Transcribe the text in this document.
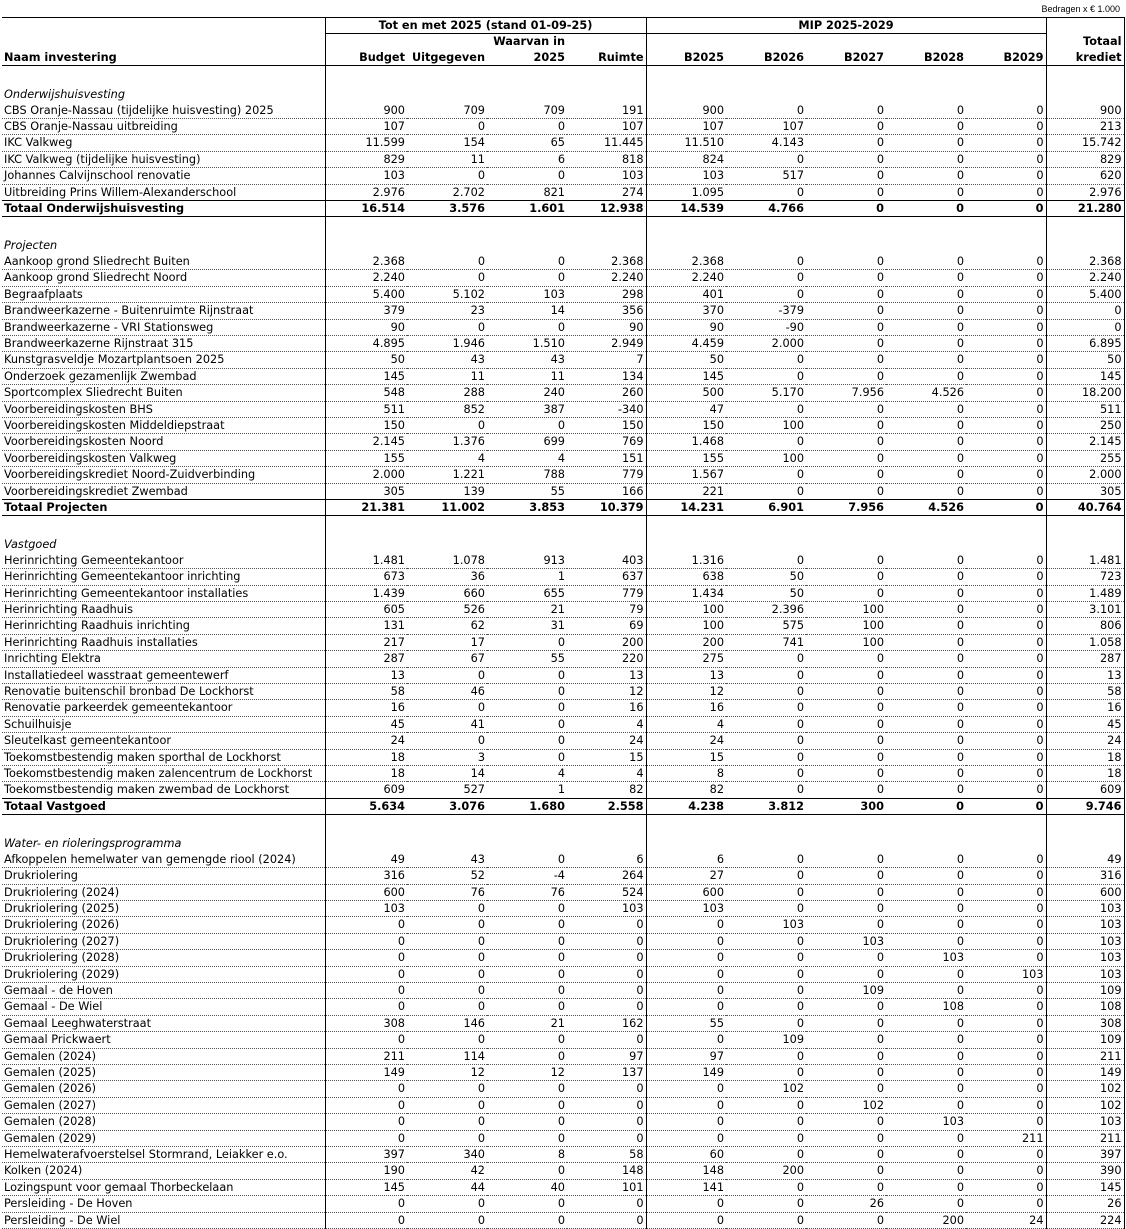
Bedragen x € 1.000
	Tot en met 2025 (stand 01-09-25)				MIP 2025-2029					
Naam investering	Budget	Uitgegeven	Waarvan in 2025	Ruimte	B2025	B2026	B2027	B2028	B2029	Totaal krediet

Onderwijshuisvesting										
CBS Oranje-Nassau (tijdelijke huisvesting) 2025	900	709	709	191	900	0	0	0	0	900
CBS Oranje-Nassau uitbreiding	107	0	0	107	107	107	0	0	0	213
IKC Valkweg	11.599	154	65	11.445	11.510	4.143	0	0	0	15.742
IKC Valkweg (tijdelijke huisvesting)	829	11	6	818	824	0	0	0	0	829
Johannes Calvijnschool renovatie	103	0	0	103	103	517	0	0	0	620
Uitbreiding Prins Willem-Alexanderschool	2.976	2.702	821	274	1.095	0	0	0	0	2.976
Totaal Onderwijshuisvesting	16.514	3.576	1.601	12.938	14.539	4.766	0	0	0	21.280

Projecten										
Aankoop grond Sliedrecht Buiten	2.368	0	0	2.368	2.368	0	0	0	0	2.368
Aankoop grond Sliedrecht Noord	2.240	0	0	2.240	2.240	0	0	0	0	2.240
Begraafplaats	5.400	5.102	103	298	401	0	0	0	0	5.400
Brandweerkazerne - Buitenruimte Rijnstraat	379	23	14	356	370	-379	0	0	0	0
Brandweerkazerne - VRI Stationsweg	90	0	0	90	90	-90	0	0	0	0
Brandweerkazerne Rijnstraat 315	4.895	1.946	1.510	2.949	4.459	2.000	0	0	0	6.895
Kunstgrasveldje Mozartplantsoen 2025	50	43	43	7	50	0	0	0	0	50
Onderzoek gezamenlijk Zwembad	145	11	11	134	145	0	0	0	0	145
Sportcomplex Sliedrecht Buiten	548	288	240	260	500	5.170	7.956	4.526	0	18.200
Voorbereidingskosten BHS	511	852	387	-340	47	0	0	0	0	511
Voorbereidingskosten Middeldiepstraat	150	0	0	150	150	100	0	0	0	250
Voorbereidingskosten Noord	2.145	1.376	699	769	1.468	0	0	0	0	2.145
Voorbereidingskosten Valkweg	155	4	4	151	155	100	0	0	0	255
Voorbereidingskrediet Noord-Zuidverbinding	2.000	1.221	788	779	1.567	0	0	0	0	2.000
Voorbereidingskrediet Zwembad	305	139	55	166	221	0	0	0	0	305
Totaal Projecten	21.381	11.002	3.853	10.379	14.231	6.901	7.956	4.526	0	40.764

Vastgoed										
Herinrichting Gemeentekantoor	1.481	1.078	913	403	1.316	0	0	0	0	1.481
Herinrichting Gemeentekantoor inrichting	673	36	1	637	638	50	0	0	0	723
Herinrichting Gemeentekantoor installaties	1.439	660	655	779	1.434	50	0	0	0	1.489
Herinrichting Raadhuis	605	526	21	79	100	2.396	100	0	0	3.101
Herinrichting Raadhuis inrichting	131	62	31	69	100	575	100	0	0	806
Herinrichting Raadhuis installaties	217	17	0	200	200	741	100	0	0	1.058
Inrichting Elektra	287	67	55	220	275	0	0	0	0	287
Installatiedeel wasstraat gemeentewerf	13	0	0	13	13	0	0	0	0	13
Renovatie buitenschil bronbad De Lockhorst	58	46	0	12	12	0	0	0	0	58
Renovatie parkeerdek gemeentekantoor	16	0	0	16	16	0	0	0	0	16
Schuilhuisje	45	41	0	4	4	0	0	0	0	45
Sleutelkast gemeentekantoor	24	0	0	24	24	0	0	0	0	24
Toekomstbestendig maken sporthal de Lockhorst	18	3	0	15	15	0	0	0	0	18
Toekomstbestendig maken zalencentrum de Lockhorst	18	14	4	4	8	0	0	0	0	18
Toekomstbestendig maken zwembad de Lockhorst	609	527	1	82	82	0	0	0	0	609
Totaal Vastgoed	5.634	3.076	1.680	2.558	4.238	3.812	300	0	0	9.746

Water- en rioleringsprogramma										
Afkoppelen hemelwater van gemengde riool (2024)	49	43	0	6	6	0	0	0	0	49
Drukriolering	316	52	-4	264	27	0	0	0	0	316
Drukriolering (2024)	600	76	76	524	600	0	0	0	0	600
Drukriolering (2025)	103	0	0	103	103	0	0	0	0	103
Drukriolering (2026)	0	0	0	0	0	103	0	0	0	103
Drukriolering (2027)	0	0	0	0	0	0	103	0	0	103
Drukriolering (2028)	0	0	0	0	0	0	0	103	0	103
Drukriolering (2029)	0	0	0	0	0	0	0	0	103	103
Gemaal - de Hoven	0	0	0	0	0	0	109	0	0	109
Gemaal - De Wiel	0	0	0	0	0	0	0	108	0	108
Gemaal Leeghwaterstraat	308	146	21	162	55	0	0	0	0	308
Gemaal Prickwaert	0	0	0	0	0	109	0	0	0	109
Gemalen (2024)	211	114	0	97	97	0	0	0	0	211
Gemalen (2025)	149	12	12	137	149	0	0	0	0	149
Gemalen (2026)	0	0	0	0	0	102	0	0	0	102
Gemalen (2027)	0	0	0	0	0	0	102	0	0	102
Gemalen (2028)	0	0	0	0	0	0	0	103	0	103
Gemalen (2029)	0	0	0	0	0	0	0	0	211	211
Hemelwaterafvoerstelsel Stormrand, Leiakker e.o.	397	340	8	58	60	0	0	0	0	397
Kolken (2024)	190	42	0	148	148	200	0	0	0	390
Lozingspunt voor gemaal Thorbeckelaan	145	44	40	101	141	0	0	0	0	145
Persleiding - De Hoven	0	0	0	0	0	0	26	0	0	26
Persleiding - De Wiel	0	0	0	0	0	0	0	200	24	224
